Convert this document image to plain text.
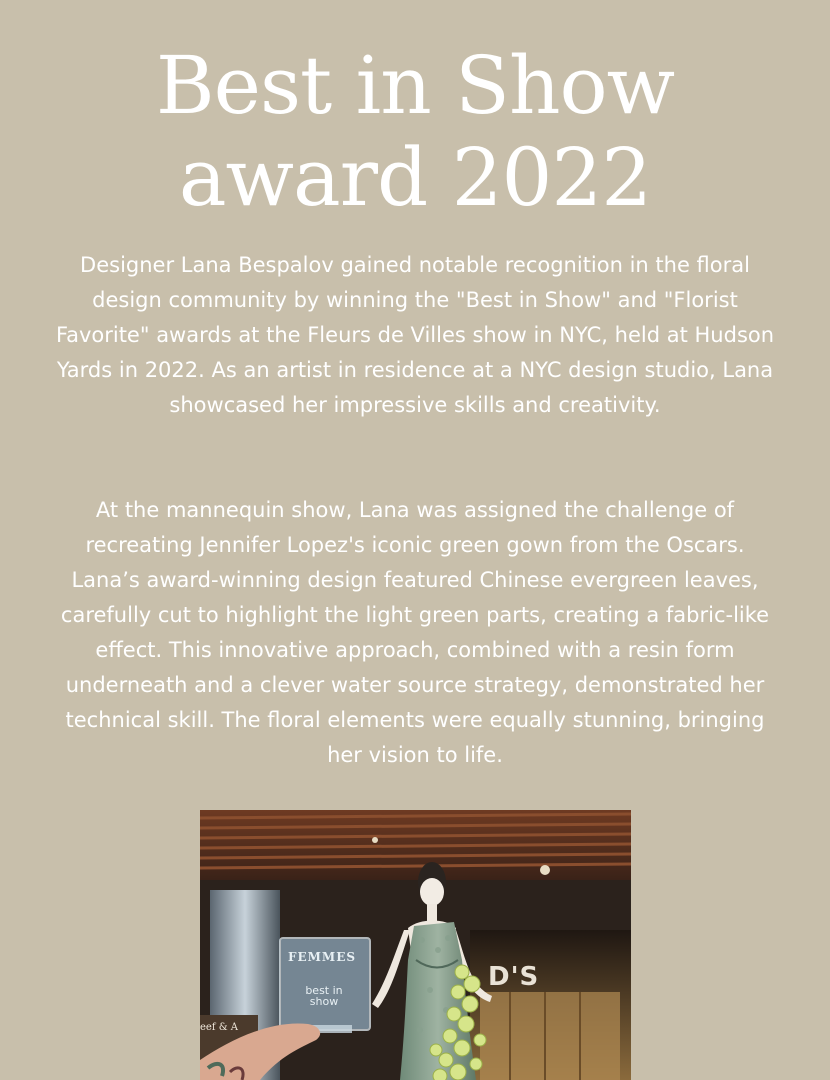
Best in Show
award 2022

Designer Lana Bespalov gained notable recognition in the floral design community by winning the "Best in Show" and "Florist Favorite" awards at the Fleurs de Villes show in NYC, held at Hudson Yards in 2022. As an artist in residence at a NYC design studio, Lana showcased her impressive skills and creativity.

At the mannequin show, Lana was assigned the challenge of recreating Jennifer Lopez's iconic green gown from the Oscars. Lana’s award-winning design featured Chinese evergreen leaves, carefully cut to highlight the light green parts, creating a fabric-like effect. This innovative approach, combined with a resin form underneath and a clever water source strategy, demonstrated her technical skill. The floral elements were equally stunning, bringing her vision to life.

FEMMES
best in show
D'S
eef & A
